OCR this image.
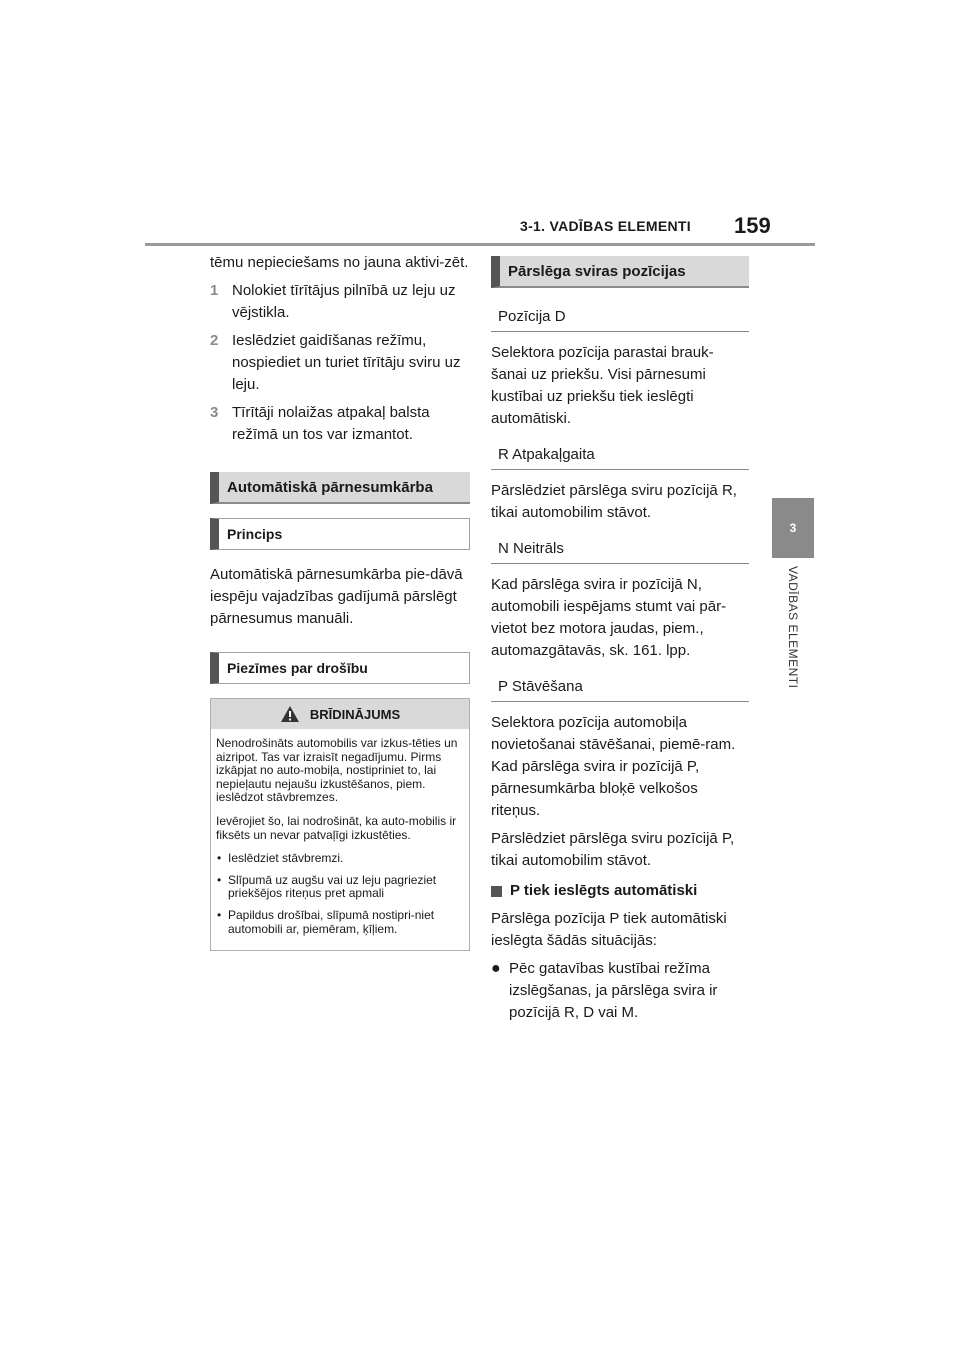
3-1. VADĪBAS ELEMENTI 159
3
VADĪBAS ELEMENTI

tēmu nepieciešams no jauna aktivi-zēt.

1 Nolokiet tīrītājus pilnībā uz leju uz vējstikla.
2 Ieslēdziet gaidīšanas režīmu, nospiediet un turiet tīrītāju sviru uz leju.
3 Tīrītāji nolaižas atpakaļ balsta režīmā un tos var izmantot.
Automātiskā pārnesumkārba
Princips

Automātiskā pārnesumkārba pie-dāvā iespēju vajadzības gadījumā pārslēgt pārnesumus manuāli.

Piezīmes par drošību
BRĪDINĀJUMS

Nenodrošināts automobilis var izkus-tēties un aizripot. Tas var izraisīt negadījumu. Pirms izkāpjat no auto-mobiļa, nostipriniet to, lai nepieļautu nejaušu izkustēšanos, piem. ieslēdzot stāvbremzes.

Ievērojiet šo, lai nodrošināt, ka auto-mobilis ir fiksēts un nevar patvaļīgi izkustēties.

• Ieslēdziet stāvbremzi.
• Slīpumā uz augšu vai uz leju pagrieziet priekšējos riteņus pret apmali
• Papildus drošībai, slīpumā nostipri-niet automobili ar, piemēram, ķīļiem.
Pārslēga sviras pozīcijas
Pozīcija D

Selektora pozīcija parastai brauk-šanai uz priekšu. Visi pārnesumi kustībai uz priekšu tiek ieslēgti automātiski.

R Atpakaļgaita

Pārslēdziet pārslēga sviru pozīcijā R, tikai automobilim stāvot.

N Neitrāls

Kad pārslēga svira ir pozīcijā N, automobili iespējams stumt vai pār-vietot bez motora jaudas, piem., automazgātavās, sk. 161. lpp.

P Stāvēšana

Selektora pozīcija automobiļa novietošanai stāvēšanai, piemē-ram. Kad pārslēga svira ir pozīcijā P, pārnesumkārba bloķē velkošos riteņus.

Pārslēdziet pārslēga sviru pozīcijā P, tikai automobilim stāvot.

P tiek ieslēgts automātiski

Pārslēga pozīcija P tiek automātiski ieslēgta šādās situācijās:

● Pēc gatavības kustībai režīma izslēgšanas, ja pārslēga svira ir pozīcijā R, D vai M.
